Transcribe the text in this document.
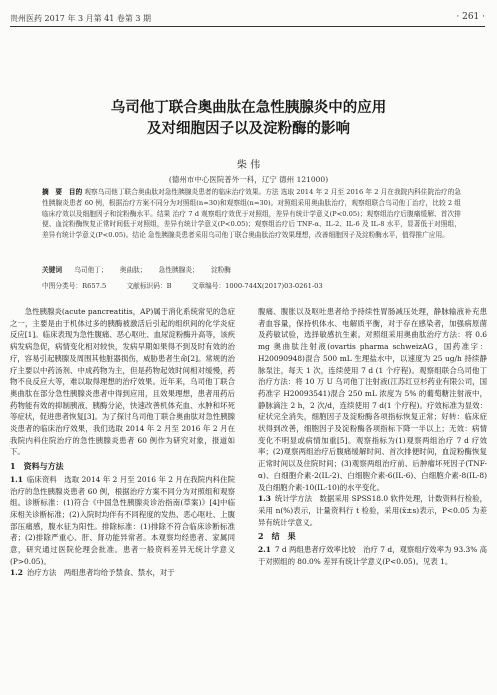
贵州医药 2017 年 3 月第 41 卷第 3 期	· 261 ·
乌司他丁联合奥曲肽在急性胰腺炎中的应用
及对细胞因子以及淀粉酶的影响
柴 伟
(德州市中心医院普外一科，辽宁 德州 121000)
摘　要　目的 观察乌司他丁联合奥曲肽对急性胰腺炎患者的临床治疗效果。方法 选取 2014 年 2 月至 2016 年 2 月在我院内科住院治疗的急性胰腺炎患者 60 例，根据治疗方案不同分为对照组(n=30)和观察组(n=30)。对照组采用奥曲肽治疗，观察组联合乌司他丁治疗，比较 2 组临床疗效以及细胞因子和淀粉酶水平。结果 治疗 7 d 观察组疗效优于对照组，差异有统计学意义(P<0.05)；观察组治疗后腹痛缓解、首次排便、血淀粉酶恢复正常时间低于对照组，差异有统计学意义(P<0.05)；观察组治疗后 TNF-α、IL-2、IL-6 及 IL-8 水平，显著低于对照组，差异有统计学意义(P<0.05)。结论 急性胰腺炎患者采用乌司他丁联合奥曲肽治疗效果理想，改善细胞因子及淀粉酶水平，值得推广应用。
关键词 乌司他丁； 奥曲肽； 急性胰腺炎； 淀粉酶
中图分类号：R657.5	文献标识码：B	文章编号：1000-744X(2017)03-0261-03

急性胰腺炎(acute pancreatitis，AP)属于消化系统常见的急症之一，主要是由于机体过多的胰酶被激活后引起的组织间的化学炎症反应[1]。临床表现为急性腹痛、恶心呕吐、血尿淀粉酶升高等，该疾病发病急促，病情变化相对较快，发病早期如果得不到及时有效的治疗，容易引起胰腺及周围其他脏器损伤，威胁患者生命[2]。常规的治疗主要以中药汤剂、中成药物为主，但是药物起效时间相对缓慢，药物不良反应大等，难以取得理想的治疗效果。近年来，乌司他丁联合奥曲肽在部分急性胰腺炎患者中得到应用，且效果理想，患者用药后药物能有效的抑制胰液、胰酶分泌，快速改善机体充血、水肿和坏死等症状，促进患者恢复[3]。为了探讨乌司他丁联合奥曲肽对急性胰腺炎患者的临床治疗效果，我们选取 2014 年 2 月至 2016 年 2 月在我院内科住院治疗的急性胰腺炎患者 60 例作为研究对象，报道如下。

1　资料与方法

1.1 临床资料　选取 2014 年 2 月至 2016 年 2 月在我院内科住院治疗的急性胰腺炎患者 60 例，根据治疗方案不同分为对照组和观察组。诊断标准：(1)符合《中国急性胰腺炎诊治指南(草案)》[4]中临床相关诊断标准；(2)入院时均伴有不同程度的发热、恶心呕吐、上腹部压痛感，腹水征为阳性。排除标准：(1)排除不符合临床诊断标准者；(2)排除严重心、肝、肾功能异常者。本观察均经患者、家属同意，研究通过医院伦理会批准。患者一般资料差异无统计学意义(P>0.05)。

1.2 治疗方法　两组患者均给予禁食、禁水，对于

腹痛、腹胀以及呕吐患者给予持续性胃肠减压处理，静脉输液补充患者血容量，保持机体水、电解质平衡，对于存在感染者，加强病原菌及药敏试验，选择敏感抗生素。对照组采用奥曲肽治疗方法：将 0.6 mg 奥曲肽注射液(ovartis pharma schweizAG，国药准字：H20090948)混合 500 mL 生理盐水中，以速度为 25 ug/h 持续静脉泵注，每天 1 次，连续使用 7 d (1 个疗程)。观察组联合乌司他丁治疗方法：将 10 万 U 乌司他丁注射液(江苏红豆杉药业有限公司，国药准字 H20093541)混合 250 mL 浓度为 5% 的葡萄糖注射液中，静脉滴注 2 h，2 次/d，连续使用 7 d(1 个疗程)。疗效标准为显效：症状完全消失，细胞因子及淀粉酶各项指标恢复正常；好转：临床症状得到改善，细胞因子及淀粉酶各项指标下降一半以上；无效：病情变化不明显或病情加重[5]。观察指标为(1)观察两组治疗 7 d 疗效率；(2)观察两组治疗后腹痛缓解时间、首次排便时间，血淀粉酶恢复正常时间以及住院时间；(3)观察两组治疗前、后肿瘤坏死因子(TNF-α)、白细胞介素-2(IL-2)、白细胞介素-6(IL-6)、白细胞介素-8(IL-8)及白细胞介素-10(IL-10)的水平变化。

1.3 统计学方法　数据采用 SPSS18.0 软件处理，计数资料行检验，采用 n(%)表示，计量资料行 t 检验，采用(x̄±s)表示，P<0.05 为差异有统计学意义。

2　结　果

2.1 7 d 两组患者疗效率比较　治疗 7 d，观察组疗效率为 93.3% 高于对照组的 80.0% 差异有统计学意义(P<0.05)。见表 1。
